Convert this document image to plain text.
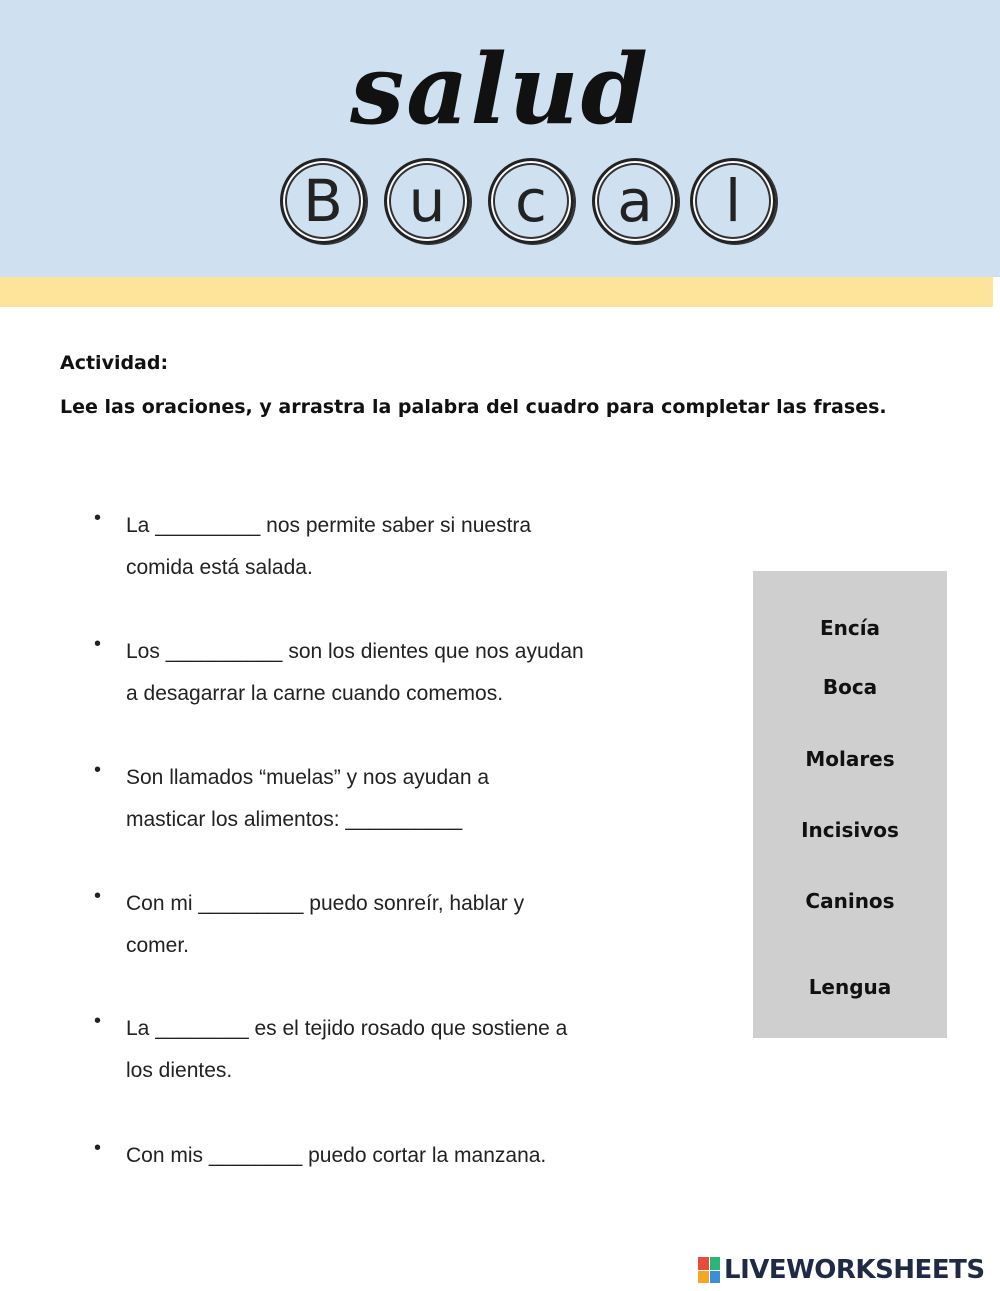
salud
B	u	c	a	l
Actividad:
Lee las oraciones, y arrastra la palabra del cuadro para completar las frases.
• La _________ nos permite saber si nuestra
comida está salada.
• Los __________ son los dientes que nos ayudan
a desagarrar la carne cuando comemos.
• Son llamados “muelas” y nos ayudan a
masticar los alimentos: __________
• Con mi _________ puedo sonreír, hablar y
comer.
• La ________ es el tejido rosado que sostiene a
los dientes.
• Con mis ________ puedo cortar la manzana.
Encía
Boca
Molares
Incisivos
Caninos
Lengua
LIVEWORKSHEETS
